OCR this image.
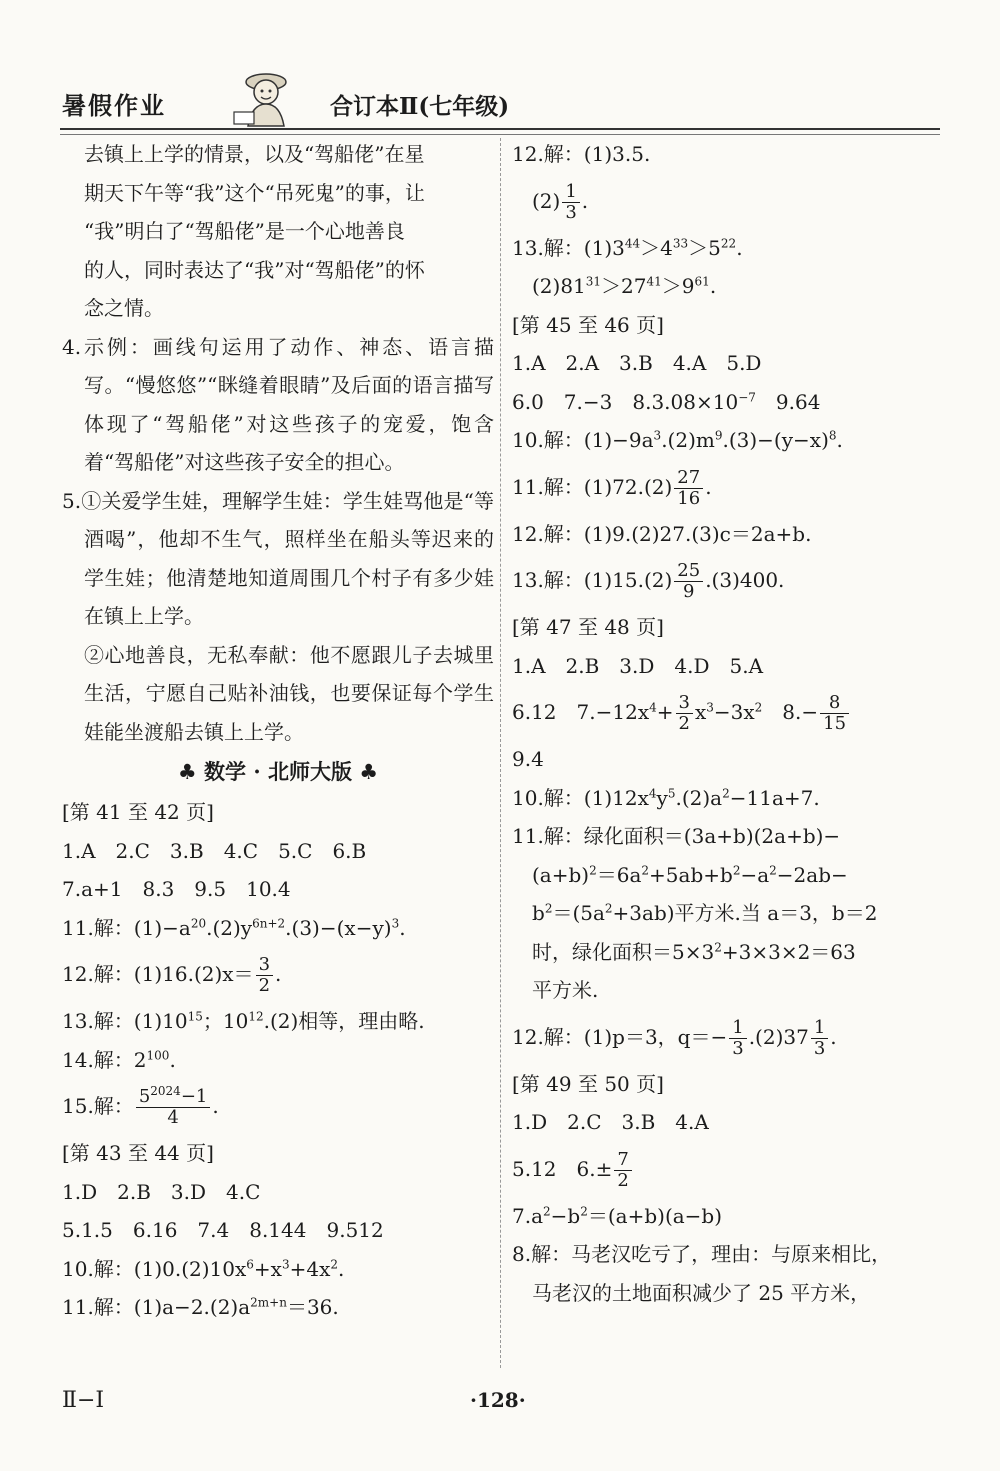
暑假作业	合订本Ⅱ(七年级)
去镇上上学的情景，以及“驾船佬”在星
期天下午等“我”这个“吊死鬼”的事，让
“我”明白了“驾船佬”是一个心地善良
的人，同时表达了“我”对“驾船佬”的怀
念之情。
4.示例：画线句运用了动作、神态、语言描写。“慢悠悠”“眯缝着眼睛”及后面的语言描写体现了“驾船佬”对这些孩子的宠爱，饱含着“驾船佬”对这些孩子安全的担心。
5.①关爱学生娃，理解学生娃：学生娃骂他是“等酒喝”，他却不生气，照样坐在船头等迟来的学生娃；他清楚地知道周围几个村子有多少娃在镇上上学。
②心地善良，无私奉献：他不愿跟儿子去城里生活，宁愿自己贴补油钱，也要保证每个学生娃能坐渡船去镇上上学。
♣ 数学 · 北师大版 ♣
[第 41 至 42 页]
1.A　2.C　3.B　4.C　5.C　6.B
7.a+1　8.3　9.5　10.4
11.解：$(1)-a^{20}.(2)y^{6n+2}.(3)-(x-y)^3$.
12.解：$(1)16.(2)x= \frac{3}{2}$ .
13.解：$(1)10^{15}$；$10^{12}.(2)$相等，理由略.
14.解：$2^{100}$.
15.解： $\frac{5^{2024}-1}{4}$ .
[第 43 至 44 页]
1.D　2.B　3.D　4.C
5.1.5　6.16　7.4　8.144　9.512
10.解：$(1)0.(2)10x^6+x^3+4x^2$.
11.解：$(1)a-2.(2)a^{2m+n}=36$.
12.解：(1)3.5.
$(2) \frac{1}{3}$ .
13.解：$(1)3^{44}>4^{33}>5^{22}$.
$(2)81^{31}>27^{41}>9^{61}$.
[第 45 至 46 页]
1.A　2.A　3.B　4.A　5.D
6.0　7.−3　$8.3.08\times 10^{-7}$　9.64
10.解：$(1)-9a^3.(2)m^9.(3)-(y-x)^8$.
11.解：$(1)72.(2) \frac{27}{16}$ .
12.解：(1)9.(2)27.(3)c＝2a+b.
13.解：$(1)15.(2) \frac{25}{9} .(3)400$.
[第 47 至 48 页]
1.A　2.B　3.D　4.D　5.A
6.12　$7.-12x^4+ \frac{3}{2} x^3-3x^2$　$8.- \frac{8}{15}$
9.4
10.解：$(1)12x^4y^5.(2)a^2-11a+7$.
11.解：绿化面积＝(3a+b)(2a+b)−
$(a+b)^2=6a^2+5ab+b^2-a^2-2ab-$
$b^2=(5a^2+3ab)$平方米.当 a＝3，b＝2
时，绿化面积$=5\times 3^2+3\times 3\times 2=63$
平方米.
12.解：(1)p＝3，$q=- \frac{1}{3} .(2)37 \frac{1}{3}$ .
[第 49 至 50 页]
1.D　2.C　3.B　4.A
5.12　$6.\pm \frac{7}{2}$
$7.a^2-b^2=(a+b)(a-b)$
8.解：马老汉吃亏了，理由：与原来相比，
马老汉的土地面积减少了 25 平方米，
Ⅱ−Ⅰ	·128·
